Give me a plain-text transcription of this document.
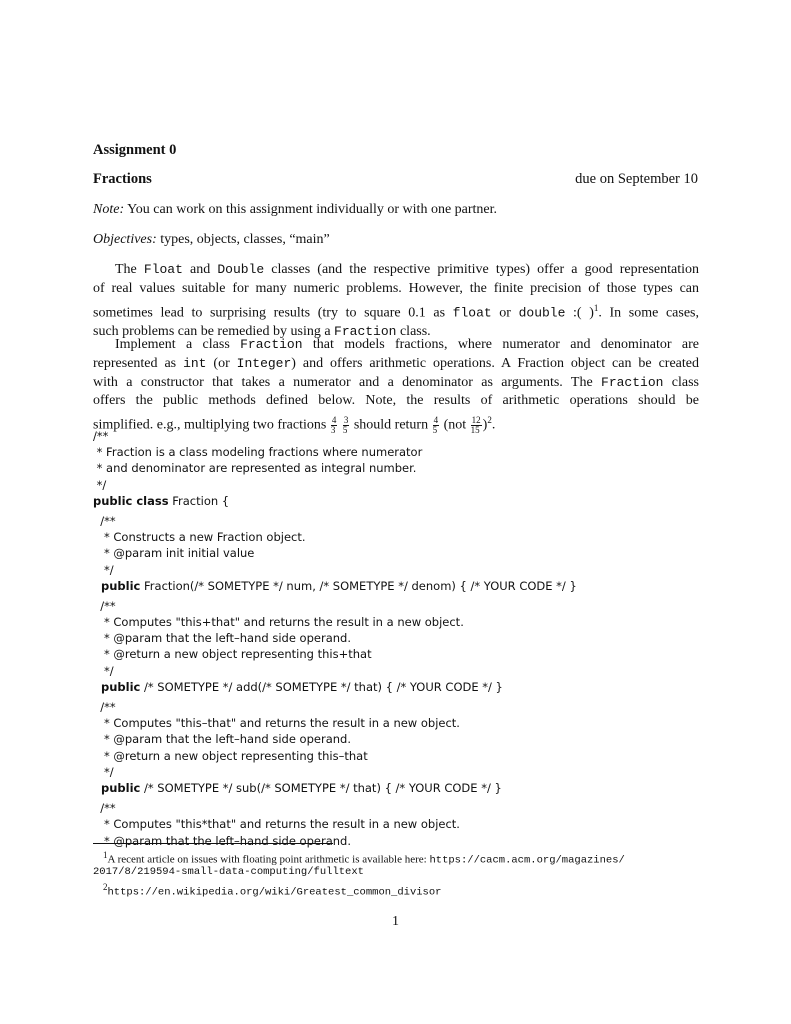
Assignment 0
Fractions	due on September 10
Note: You can work on this assignment individually or with one partner.
Objectives: types, objects, classes, “main”
The Float and Double classes (and the respective primitive types) offer a good representation
of real values suitable for many numeric problems. However, the finite precision of those types can
sometimes lead to surprising results (try to square 0.1 as float or double :( )$^1$. In some cases,
such problems can be remedied by using a Fraction class.
Implement a class Fraction that models fractions, where numerator and denominator are
represented as int (or Integer) and offers arithmetic operations. A Fraction object can be created
with a constructor that takes a numerator and a denominator as arguments. The Fraction class
offers the public methods defined below. Note, the results of arithmetic operations should be
simplified. e.g., multiplying two fractions $\frac{4}{3}$
$\frac{3}{5}$ should return $\frac{4}{5} (not \frac{12}{15} )^2$.
/**
* Fraction is a class modeling fractions where numerator
* and denominator are represented as integral number.
*/
public class Fraction {
/**
* Constructs a new Fraction object.
* @param init initial value
*/
public Fraction(/* SOMETYPE */ num, /* SOMETYPE */ denom) { /* YOUR CODE */ }
/**
* Computes "this+that" and returns the result in a new object.
* @param that the left–hand side operand.
* @return a new object representing this+that
*/
public /* SOMETYPE */ add(/* SOMETYPE */ that) { /* YOUR CODE */ }
/**
* Computes "this–that" and returns the result in a new object.
* @param that the left–hand side operand.
* @return a new object representing this–that
*/
public /* SOMETYPE */ sub(/* SOMETYPE */ that) { /* YOUR CODE */ }
/**
* Computes "this*that" and returns the result in a new object.
* @param that the left–hand side operand.
$^1$A recent article on issues with floating point arithmetic is available here: https://cacm.acm.org/magazines/
2017/8/219594-small-data-computing/fulltext
$^2$https://en.wikipedia.org/wiki/Greatest_common_divisor
1
